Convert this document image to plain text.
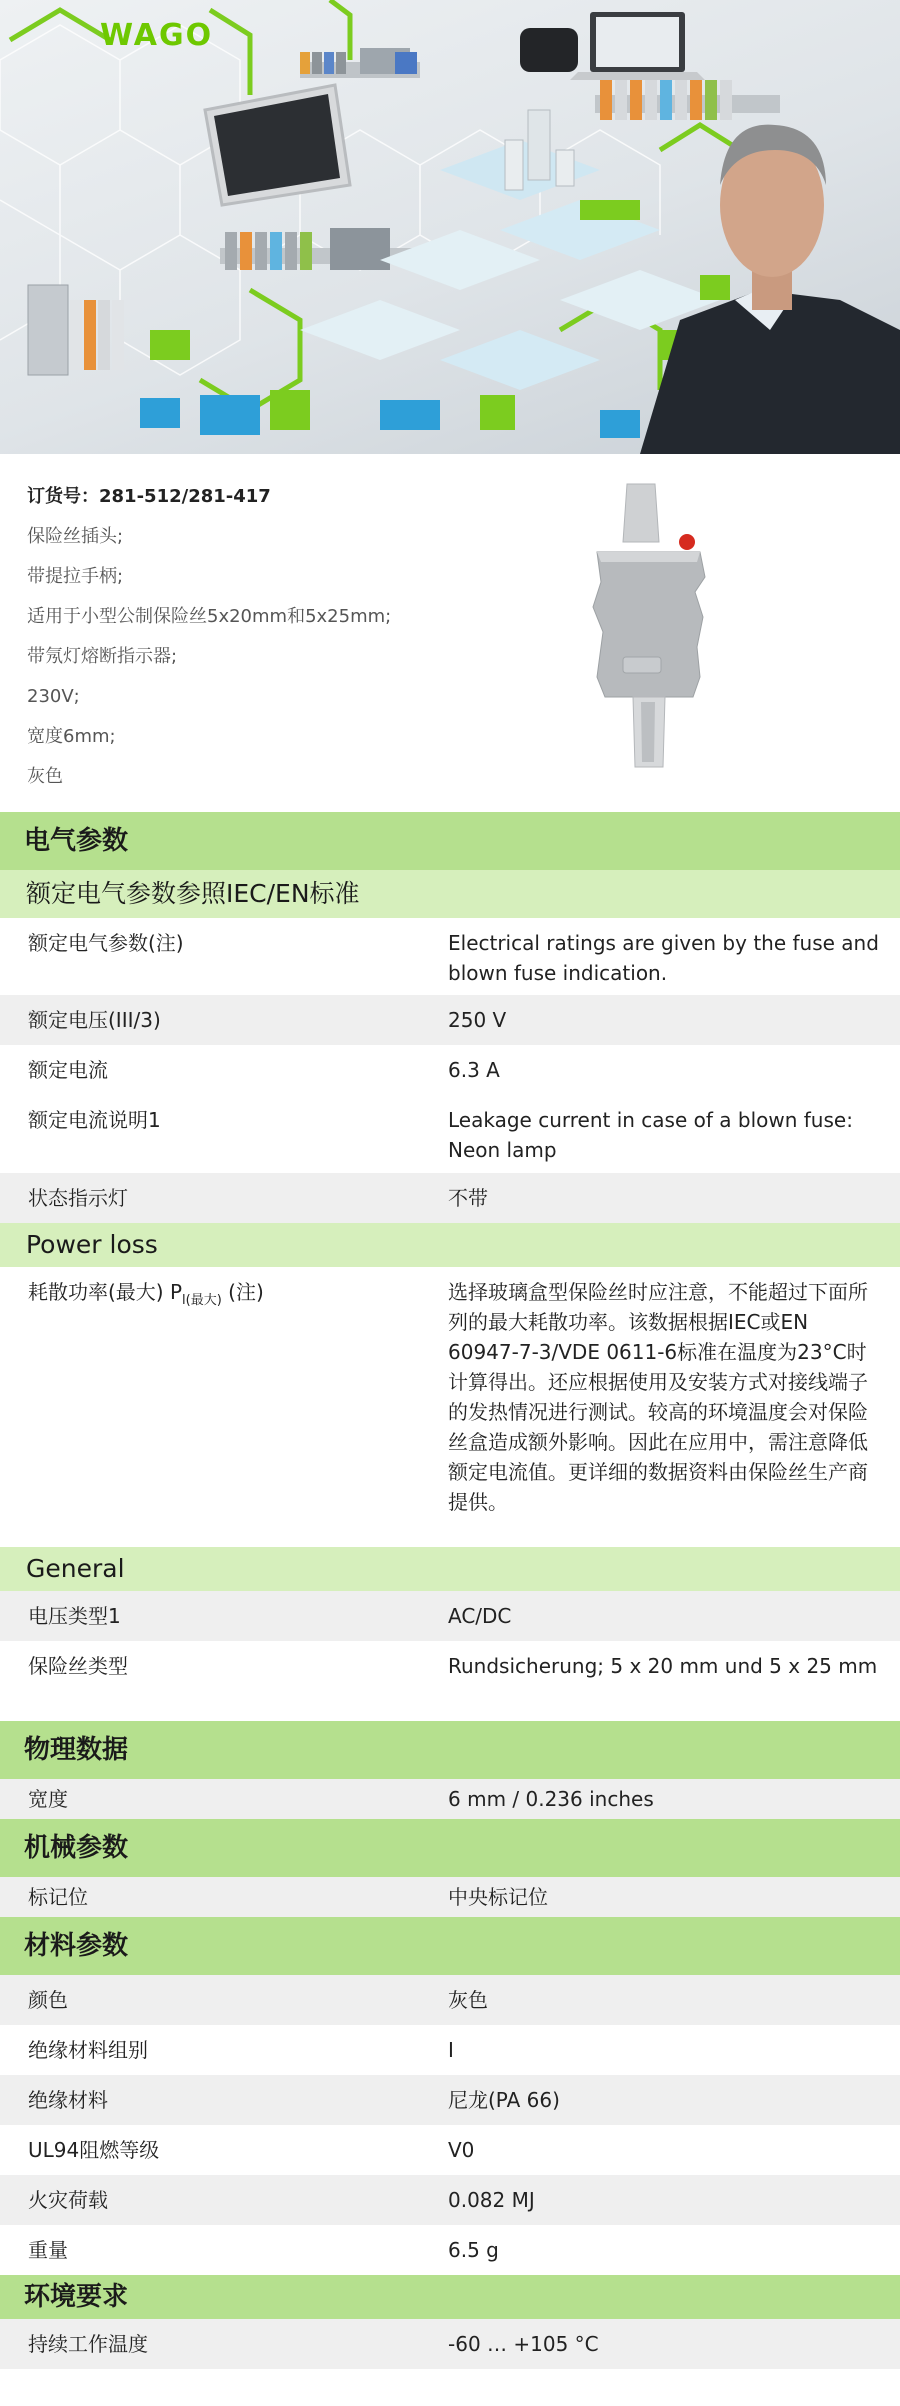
WAGO
订货号：281-512/281-417
保险丝插头;
带提拉手柄;
适用于小型公制保险丝5x20mm和5x25mm;
带氖灯熔断指示器;
230V;
宽度6mm;
灰色
电气参数
额定电气参数参照IEC/EN标准
额定电气参数(注)	Electrical ratings are given by the fuse and blown fuse indication.
额定电压(III/3)	250 V
额定电流	6.3 A
额定电流说明1	Leakage current in case of a blown fuse: Neon lamp
状态指示灯	不带
Power loss
耗散功率(最大) $P_{l(最大)}$ (注)	选择玻璃盒型保险丝时应注意，不能超过下面所列的最大耗散功率。该数据根据IEC或EN 60947-7-3/VDE 0611-6标准在温度为23°C时计算得出。还应根据使用及安装方式对接线端子的发热情况进行测试。较高的环境温度会对保险丝盒造成额外影响。因此在应用中，需注意降低额定电流值。更详细的数据资料由保险丝生产商提供。
General
电压类型1	AC/DC
保险丝类型	Rundsicherung; 5 x 20 mm und 5 x 25 mm
物理数据
宽度	6 mm / 0.236 inches
机械参数
标记位	中央标记位
材料参数
颜色	灰色
绝缘材料组别	I
绝缘材料	尼龙(PA 66)
UL94阻燃等级	V0
火灾荷载	0.082 MJ
重量	6.5 g
环境要求
持续工作温度	-60 … +105 °C
